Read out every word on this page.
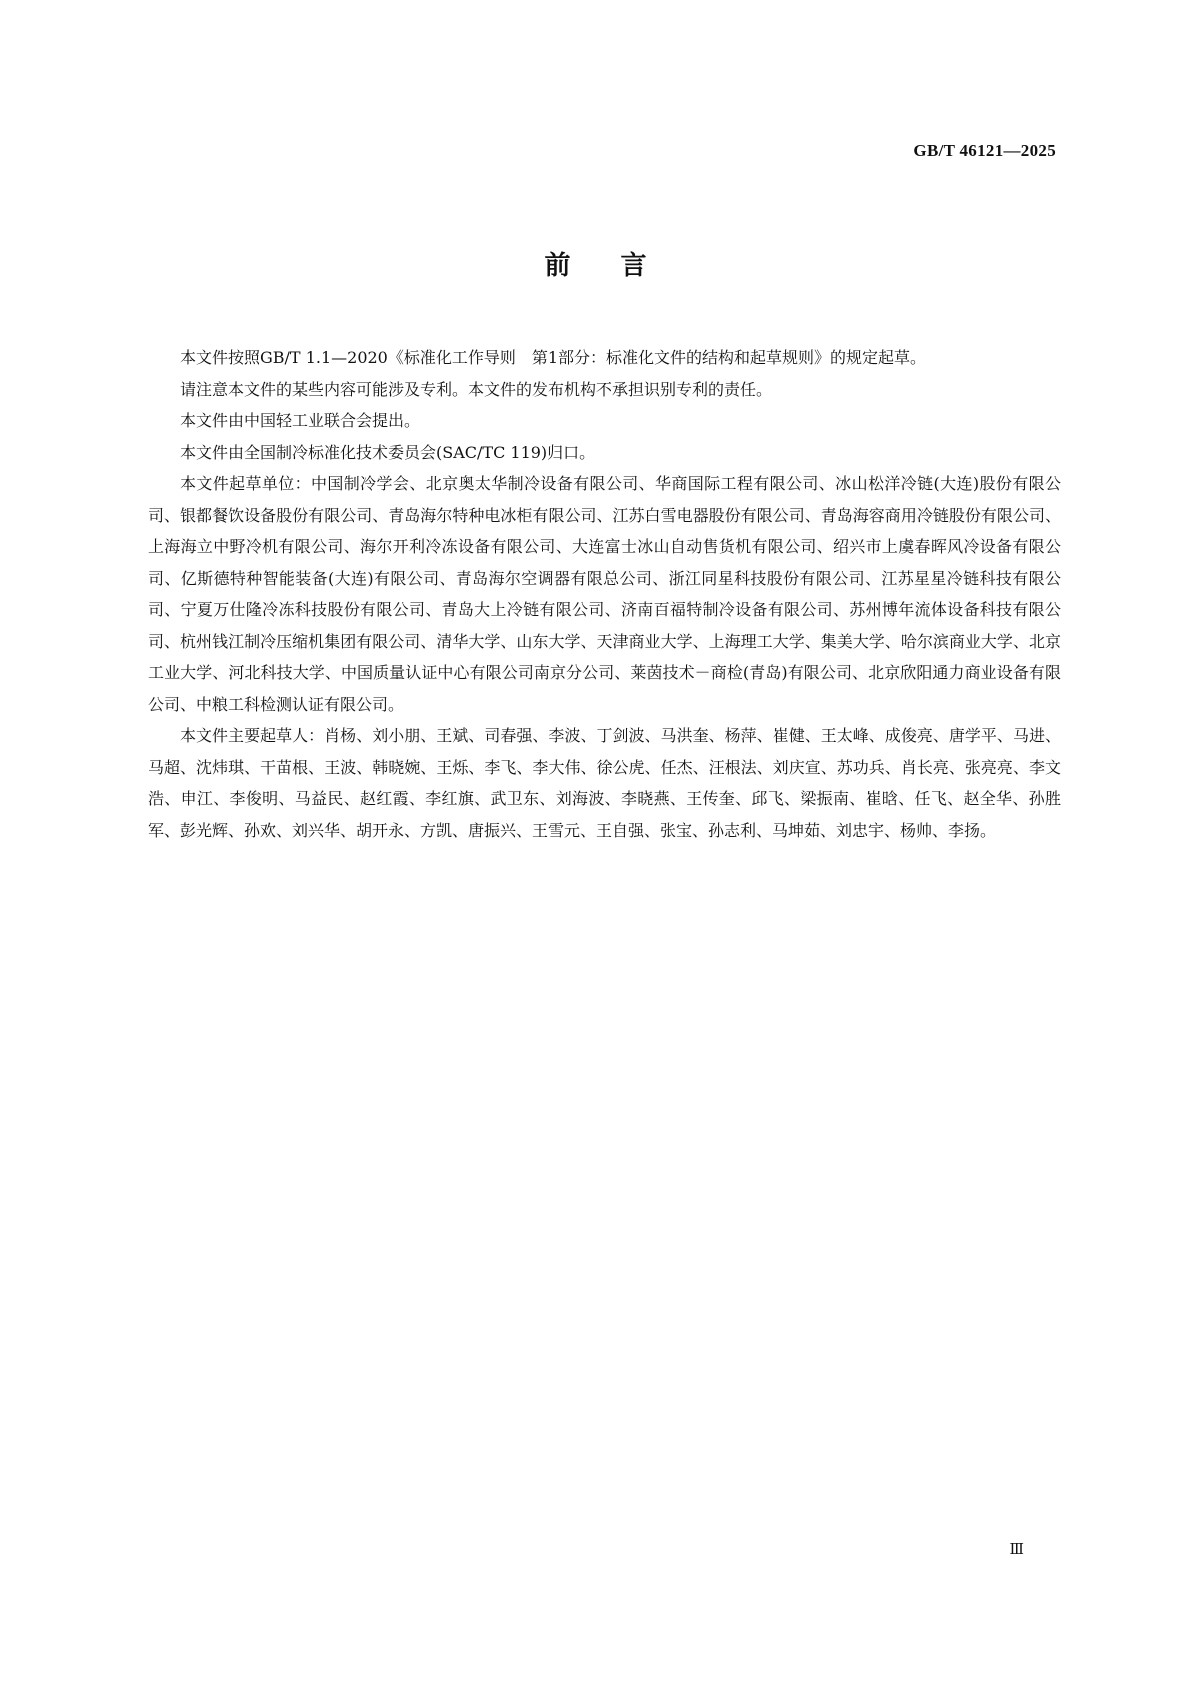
GB/T 46121—2025
前言

本文件按照GB/T 1.1—2020《标准化工作导则　第1部分：标准化文件的结构和起草规则》的规定起草。

请注意本文件的某些内容可能涉及专利。本文件的发布机构不承担识别专利的责任。

本文件由中国轻工业联合会提出。

本文件由全国制冷标准化技术委员会(SAC/TC 119)归口。

本文件起草单位：中国制冷学会、北京奥太华制冷设备有限公司、华商国际工程有限公司、冰山松洋冷链(大连)股份有限公司、银都餐饮设备股份有限公司、青岛海尔特种电冰柜有限公司、江苏白雪电器股份有限公司、青岛海容商用冷链股份有限公司、上海海立中野冷机有限公司、海尔开利冷冻设备有限公司、大连富士冰山自动售货机有限公司、绍兴市上虞春晖风冷设备有限公司、亿斯德特种智能装备(大连)有限公司、青岛海尔空调器有限总公司、浙江同星科技股份有限公司、江苏星星冷链科技有限公司、宁夏万仕隆冷冻科技股份有限公司、青岛大上冷链有限公司、济南百福特制冷设备有限公司、苏州博年流体设备科技有限公司、杭州钱江制冷压缩机集团有限公司、清华大学、山东大学、天津商业大学、上海理工大学、集美大学、哈尔滨商业大学、北京工业大学、河北科技大学、中国质量认证中心有限公司南京分公司、莱茵技术－商检(青岛)有限公司、北京欣阳通力商业设备有限公司、中粮工科检测认证有限公司。

本文件主要起草人：肖杨、刘小朋、王斌、司春强、李波、丁剑波、马洪奎、杨萍、崔健、王太峰、成俊亮、唐学平、马进、马超、沈炜琪、干苗根、王波、韩晓婉、王烁、李飞、李大伟、徐公虎、任杰、汪根法、刘庆宣、苏功兵、肖长亮、张亮亮、李文浩、申江、李俊明、马益民、赵红霞、李红旗、武卫东、刘海波、李晓燕、王传奎、邱飞、梁振南、崔晗、任飞、赵全华、孙胜军、彭光辉、孙欢、刘兴华、胡开永、方凯、唐振兴、王雪元、王自强、张宝、孙志利、马坤茹、刘忠宇、杨帅、李扬。

Ⅲ
